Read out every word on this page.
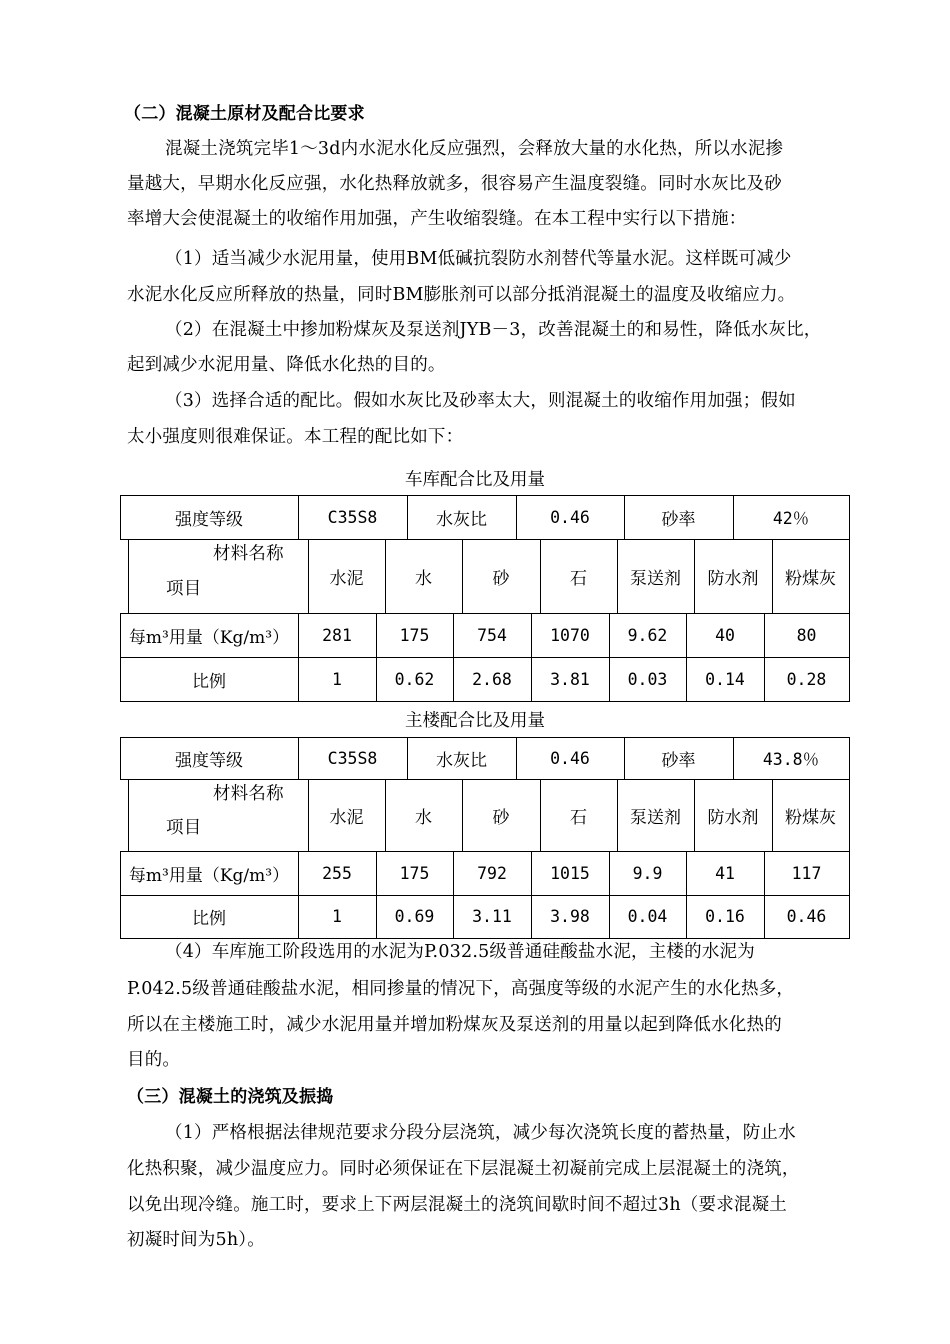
（二）混凝土原材及配合比要求
混凝土浇筑完毕1～3d内水泥水化反应强烈，会释放大量的水化热，所以水泥掺
量越大，早期水化反应强，水化热释放就多，很容易产生温度裂缝。同时水灰比及砂
率增大会使混凝土的收缩作用加强，产生收缩裂缝。在本工程中实行以下措施：
（1）适当减少水泥用量，使用BM低碱抗裂防水剂替代等量水泥。这样既可减少
水泥水化反应所释放的热量，同时BM膨胀剂可以部分抵消混凝土的温度及收缩应力。
（2）在混凝土中掺加粉煤灰及泵送剂JYB－3，改善混凝土的和易性，降低水灰比，
起到减少水泥用量、降低水化热的目的。
（3）选择合适的配比。假如水灰比及砂率太大，则混凝土的收缩作用加强；假如
太小强度则很难保证。本工程的配比如下：
车库配合比及用量
强度等级	C35S8	水灰比	0.46	砂率	42％
材料名称
项目	水泥	水	砂	石	泵送剂	防水剂	粉煤灰
每m³用量（Kg/m³）	281	175	754	1070	9.62	40	80
比例	1	0.62	2.68	3.81	0.03	0.14	0.28
主楼配合比及用量
强度等级	C35S8	水灰比	0.46	砂率	43.8％
材料名称
项目	水泥	水	砂	石	泵送剂	防水剂	粉煤灰
每m³用量（Kg/m³）	255	175	792	1015	9.9	41	117
比例	1	0.69	3.11	3.98	0.04	0.16	0.46
（4）车库施工阶段选用的水泥为P.032.5级普通硅酸盐水泥，主楼的水泥为
P.042.5级普通硅酸盐水泥，相同掺量的情况下，高强度等级的水泥产生的水化热多，
所以在主楼施工时，减少水泥用量并增加粉煤灰及泵送剂的用量以起到降低水化热的
目的。
（三）混凝土的浇筑及振捣
（1）严格根据法律规范要求分段分层浇筑，减少每次浇筑长度的蓄热量，防止水
化热积聚，减少温度应力。同时必须保证在下层混凝土初凝前完成上层混凝土的浇筑，
以免出现冷缝。施工时，要求上下两层混凝土的浇筑间歇时间不超过3h（要求混凝土
初凝时间为5h）。
